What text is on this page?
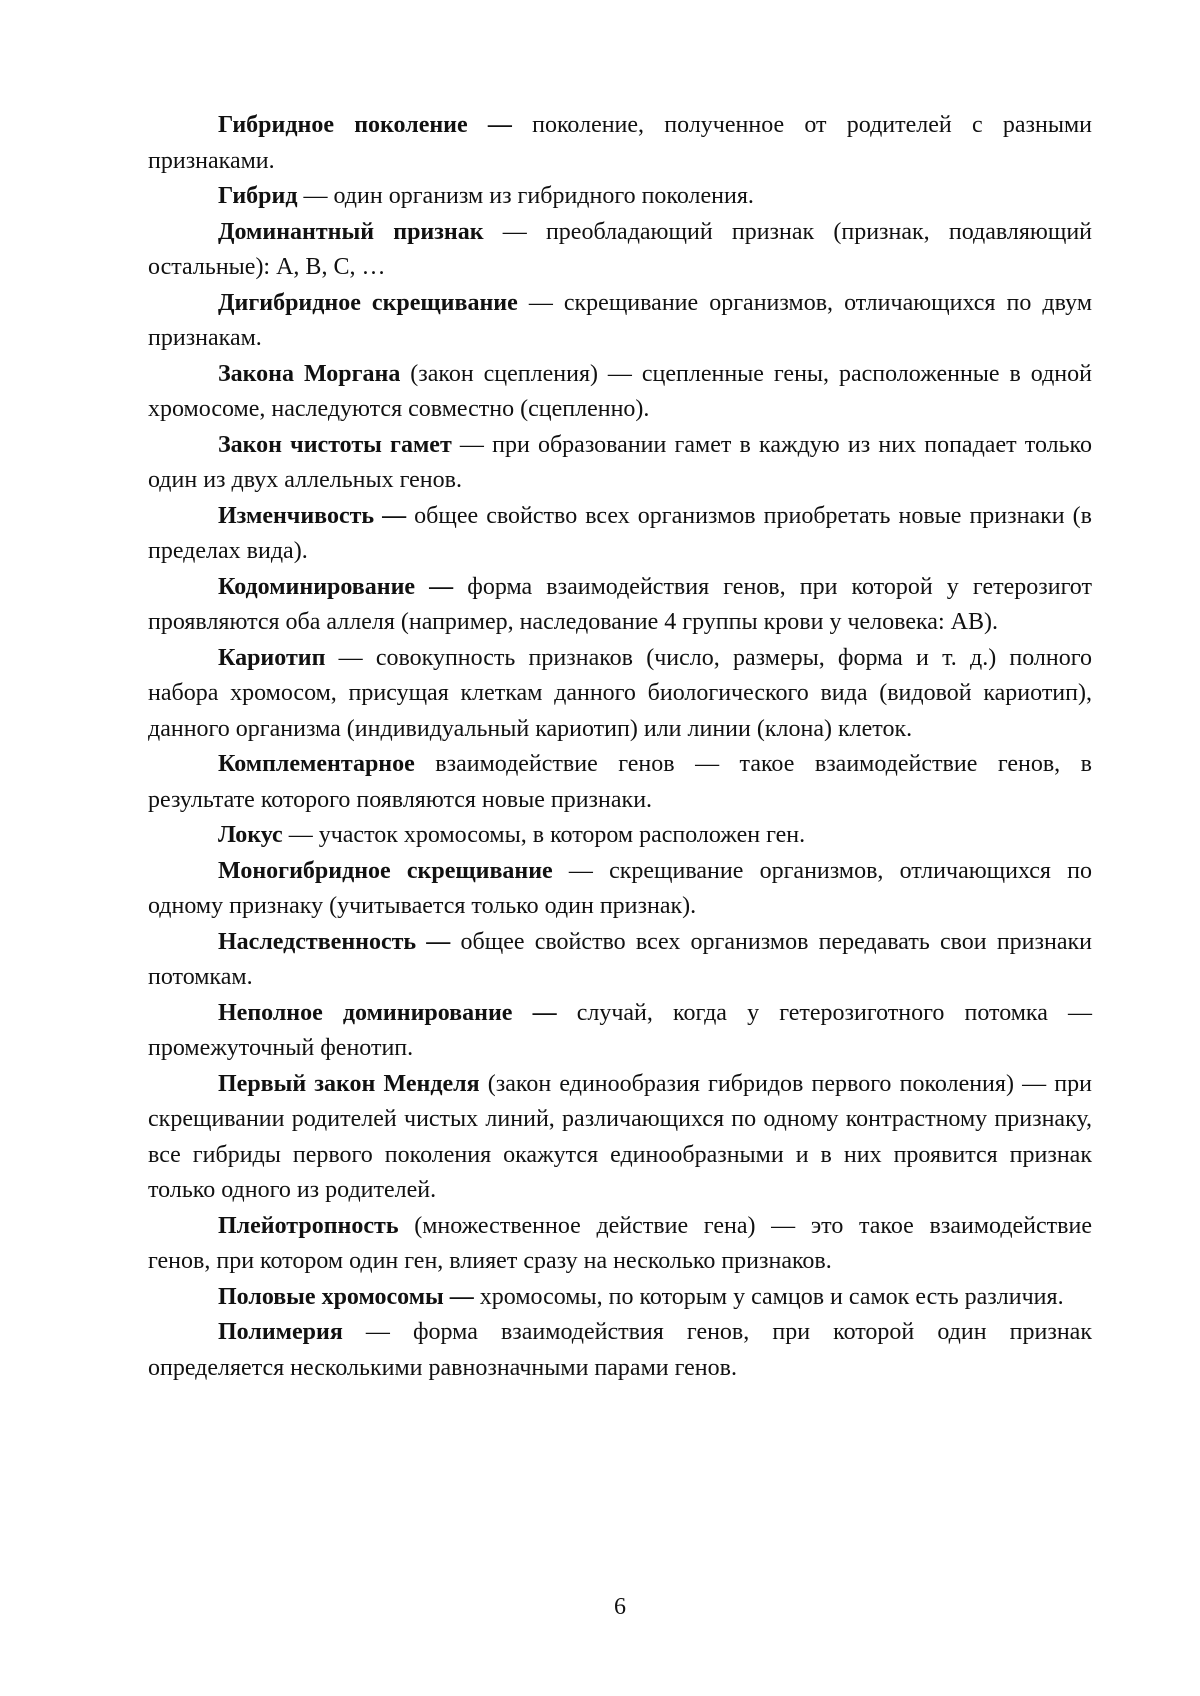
Гибридное поколение — поколение, полученное от родителей с разными признаками.

Гибрид — один организм из гибридного поколения.

Доминантный признак — преобладающий признак (признак, подавляющий остальные): А, В, С, …

Дигибридное скрещивание — скрещивание организмов, отличающихся по двум признакам.

Закона Моргана (закон сцепления) — сцепленные гены, расположенные в одной хромосоме, наследуются совместно (сцепленно).

Закон чистоты гамет — при образовании гамет в каждую из них попадает только один из двух аллельных генов.

Изменчивость — общее свойство всех организмов приобретать новые признаки (в пределах вида).

Кодоминирование — форма взаимодействия генов, при которой у гетерозигот проявляются оба аллеля (например, наследование 4 группы крови у человека: АВ).

Кариотип — совокупность признаков (число, размеры, форма и т. д.) полного набора хромосом, присущая клеткам данного биологического вида (видовой кариотип), данного организма (индивидуальный кариотип) или линии (клона) клеток.

Комплементарное взаимодействие генов — такое взаимодействие генов, в результате которого появляются новые признаки.

Локус — участок хромосомы, в котором расположен ген.

Моногибридное скрещивание — скрещивание организмов, отличающихся по одному признаку (учитывается только один признак).

Наследственность — общее свойство всех организмов передавать свои признаки потомкам.

Неполное доминирование — случай, когда у гетерозиготного потомка — промежуточный фенотип.

Первый закон Менделя (закон единообразия гибридов первого поколения) — при скрещивании родителей чистых линий, различающихся по одному контрастному признаку, все гибриды первого поколения окажутся единообразными и в них проявится признак только одного из родителей.

Плейотропность (множественное действие гена) — это такое взаимодействие генов, при котором один ген, влияет сразу на несколько признаков.

Половые хромосомы — хромосомы, по которым у самцов и самок есть различия.

Полимерия — форма взаимодействия генов, при которой один признак определяется несколькими равнозначными парами генов.

6
